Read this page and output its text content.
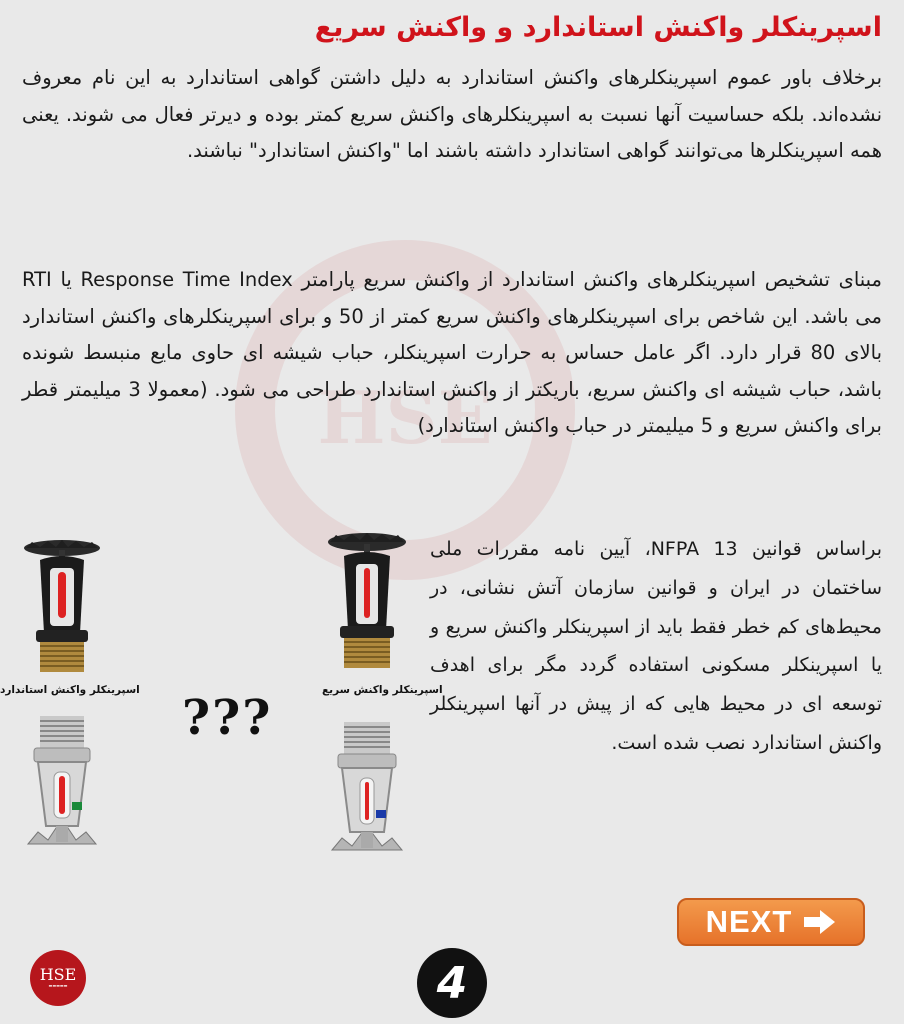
HSE
اسپرینکلر واکنش استاندارد و واکنش سریع

برخلاف باور عموم اسپرینکلرهای واکنش استاندارد به دلیل داشتن گواهی استاندارد به این نام معروف نشده‌اند. بلکه حساسیت آنها نسبت به اسپرینکلرهای واکنش سریع کمتر بوده و دیرتر فعال می شوند. یعنی همه اسپرینکلرها می‌توانند گواهی استاندارد داشته باشند اما "واکنش استاندارد" نباشند.

مبنای تشخیص اسپرینکلرهای واکنش استاندارد از واکنش سریع پارامتر Response Time Index یا RTI می باشد. این شاخص برای اسپرینکلرهای واکنش سریع کمتر از 50 و برای اسپرینکلرهای واکنش استاندارد بالای 80 قرار دارد. اگر عامل حساس به حرارت اسپرینکلر، حباب شیشه ای حاوی مایع منبسط شونده باشد، حباب شیشه ای واکنش سریع، باریکتر از واکنش استاندارد طراحی می شود. (معمولا 3 میلیمتر قطر برای واکنش سریع و 5 میلیمتر در حباب واکنش استاندارد)

براساس قوانین NFPA 13، آیین نامه مقررات ملی ساختمان در ایران و قوانین سازمان آتش نشانی، در محیط‌های کم خطر فقط باید از اسپرینکلر واکنش سریع و یا اسپرینکلر مسکونی استفاده گردد مگر برای اهدف توسعه ای در محیط هایی که از پیش در آنها اسپرینکلر واکنش استاندارد نصب شده است.

اسپرینکلر واکنش استاندارد	اسپرینکلر واکنش سریع
???
NEXT
4
HSE
▬▬▬▬▬
